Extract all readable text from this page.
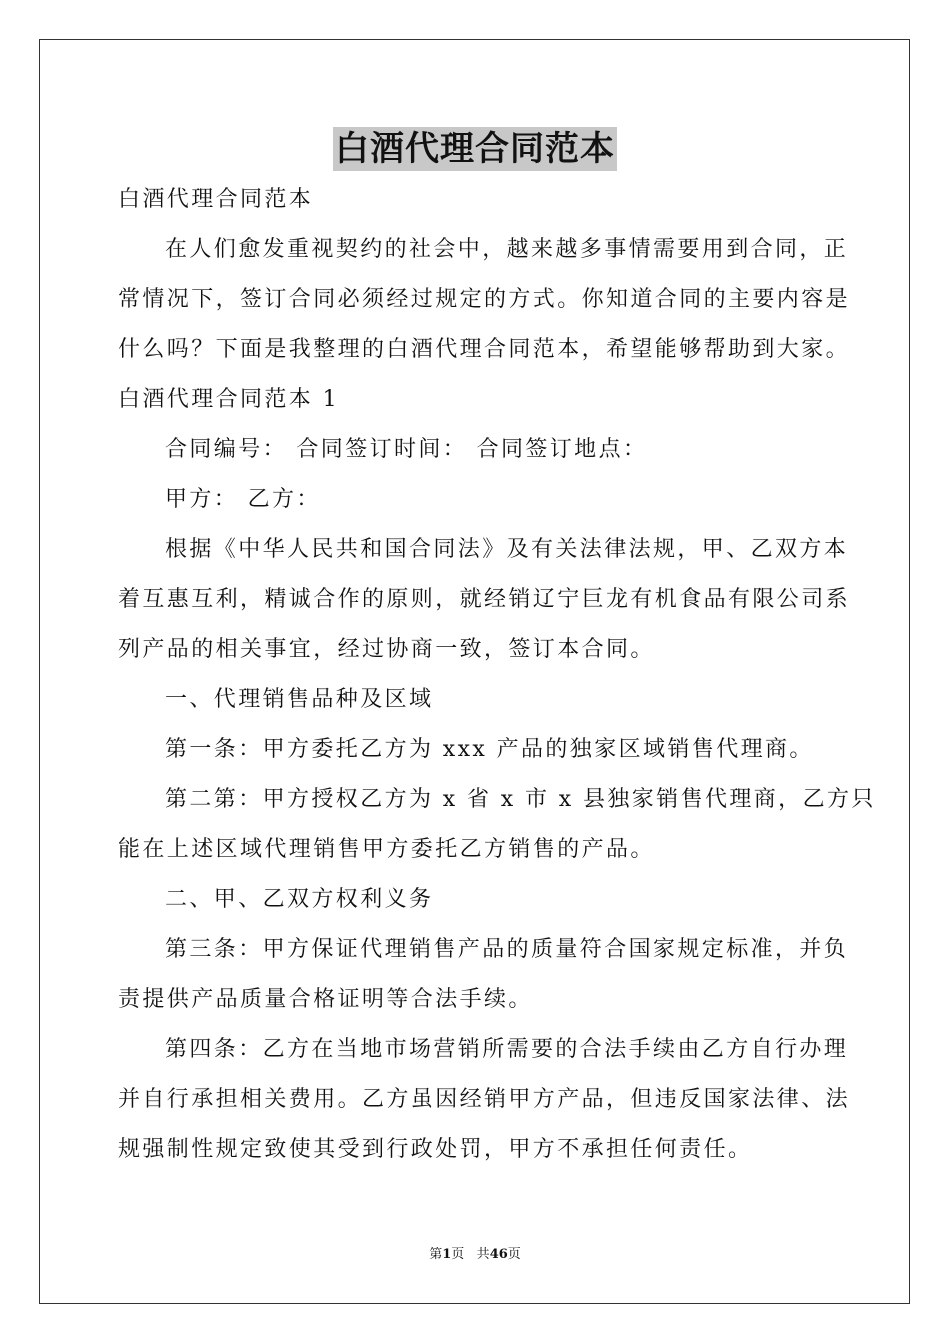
白酒代理合同范本

白酒代理合同范本

在人们愈发重视契约的社会中，越来越多事情需要用到合同，正

常情况下，签订合同必须经过规定的方式。你知道合同的主要内容是

什么吗？下面是我整理的白酒代理合同范本，希望能够帮助到大家。

白酒代理合同范本 1

合同编号： 合同签订时间： 合同签订地点：

甲方： 乙方：

根据《中华人民共和国合同法》及有关法律法规，甲、乙双方本

着互惠互利，精诚合作的原则，就经销辽宁巨龙有机食品有限公司系

列产品的相关事宜，经过协商一致，签订本合同。

一、代理销售品种及区域

第一条：甲方委托乙方为 xxx 产品的独家区域销售代理商。

第二第：甲方授权乙方为 x 省 x 市 x 县独家销售代理商，乙方只

能在上述区域代理销售甲方委托乙方销售的产品。

二、甲、乙双方权利义务

第三条：甲方保证代理销售产品的质量符合国家规定标准，并负

责提供产品质量合格证明等合法手续。

第四条：乙方在当地市场营销所需要的合法手续由乙方自行办理

并自行承担相关费用。乙方虽因经销甲方产品，但违反国家法律、法

规强制性规定致使其受到行政处罚，甲方不承担任何责任。

第1页 共46页
